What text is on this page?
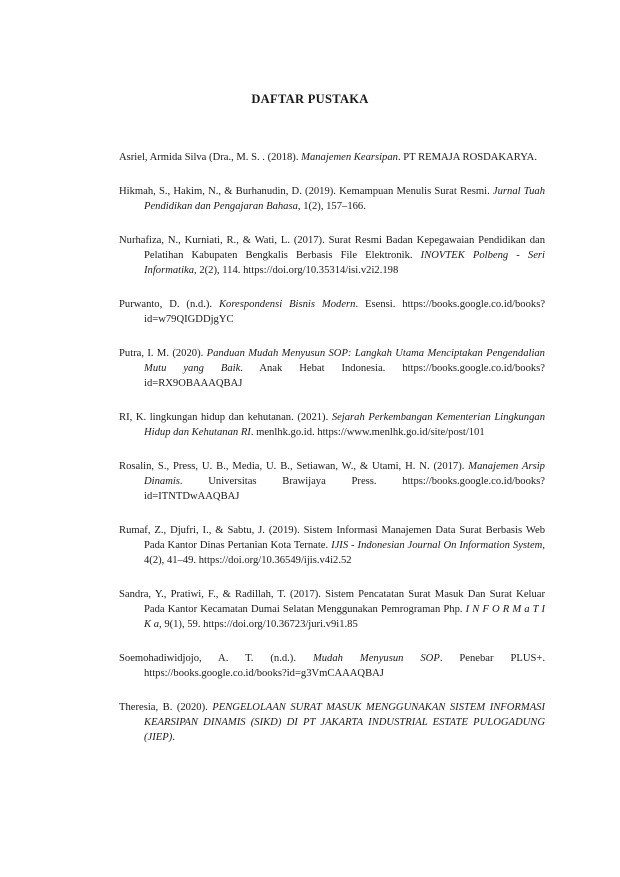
DAFTAR PUSTAKA

Asriel, Armida Silva (Dra., M. S. . (2018). Manajemen Kearsipan. PT REMAJA ROSDAKARYA.

Hikmah, S., Hakim, N., & Burhanudin, D. (2019). Kemampuan Menulis Surat Resmi. Jurnal Tuah Pendidikan dan Pengajaran Bahasa, 1(2), 157–166.

Nurhafiza, N., Kurniati, R., & Wati, L. (2017). Surat Resmi Badan Kepegawaian Pendidikan dan Pelatihan Kabupaten Bengkalis Berbasis File Elektronik. INOVTEK Polbeng - Seri Informatika, 2(2), 114. https://doi.org/10.35314/isi.v2i2.198

Purwanto, D. (n.d.). Korespondensi Bisnis Modern. Esensi. https://books.google.co.id/books?id=w79QIGDDjgYC

Putra, I. M. (2020). Panduan Mudah Menyusun SOP: Langkah Utama Menciptakan Pengendalian Mutu yang Baik. Anak Hebat Indonesia. https://books.google.co.id/books?id=RX9OBAAAQBAJ

RI, K. lingkungan hidup dan kehutanan. (2021). Sejarah Perkembangan Kementerian Lingkungan Hidup dan Kehutanan RI. menlhk.go.id. https://www.menlhk.go.id/site/post/101

Rosalin, S., Press, U. B., Media, U. B., Setiawan, W., & Utami, H. N. (2017). Manajemen Arsip Dinamis. Universitas Brawijaya Press. https://books.google.co.id/books?id=ITNTDwAAQBAJ

Rumaf, Z., Djufri, I., & Sabtu, J. (2019). Sistem Informasi Manajemen Data Surat Berbasis Web Pada Kantor Dinas Pertanian Kota Ternate. IJIS - Indonesian Journal On Information System, 4(2), 41–49. https://doi.org/10.36549/ijis.v4i2.52

Sandra, Y., Pratiwi, F., & Radillah, T. (2017). Sistem Pencatatan Surat Masuk Dan Surat Keluar Pada Kantor Kecamatan Dumai Selatan Menggunakan Pemrograman Php. I N F O R M a T I K a, 9(1), 59. https://doi.org/10.36723/juri.v9i1.85

Soemohadiwidjojo, A. T. (n.d.). Mudah Menyusun SOP. Penebar PLUS+. https://books.google.co.id/books?id=g3VmCAAAQBAJ

Theresia, B. (2020). PENGELOLAAN SURAT MASUK MENGGUNAKAN SISTEM INFORMASI KEARSIPAN DINAMIS (SIKD) DI PT JAKARTA INDUSTRIAL ESTATE PULOGADUNG (JIEP).
